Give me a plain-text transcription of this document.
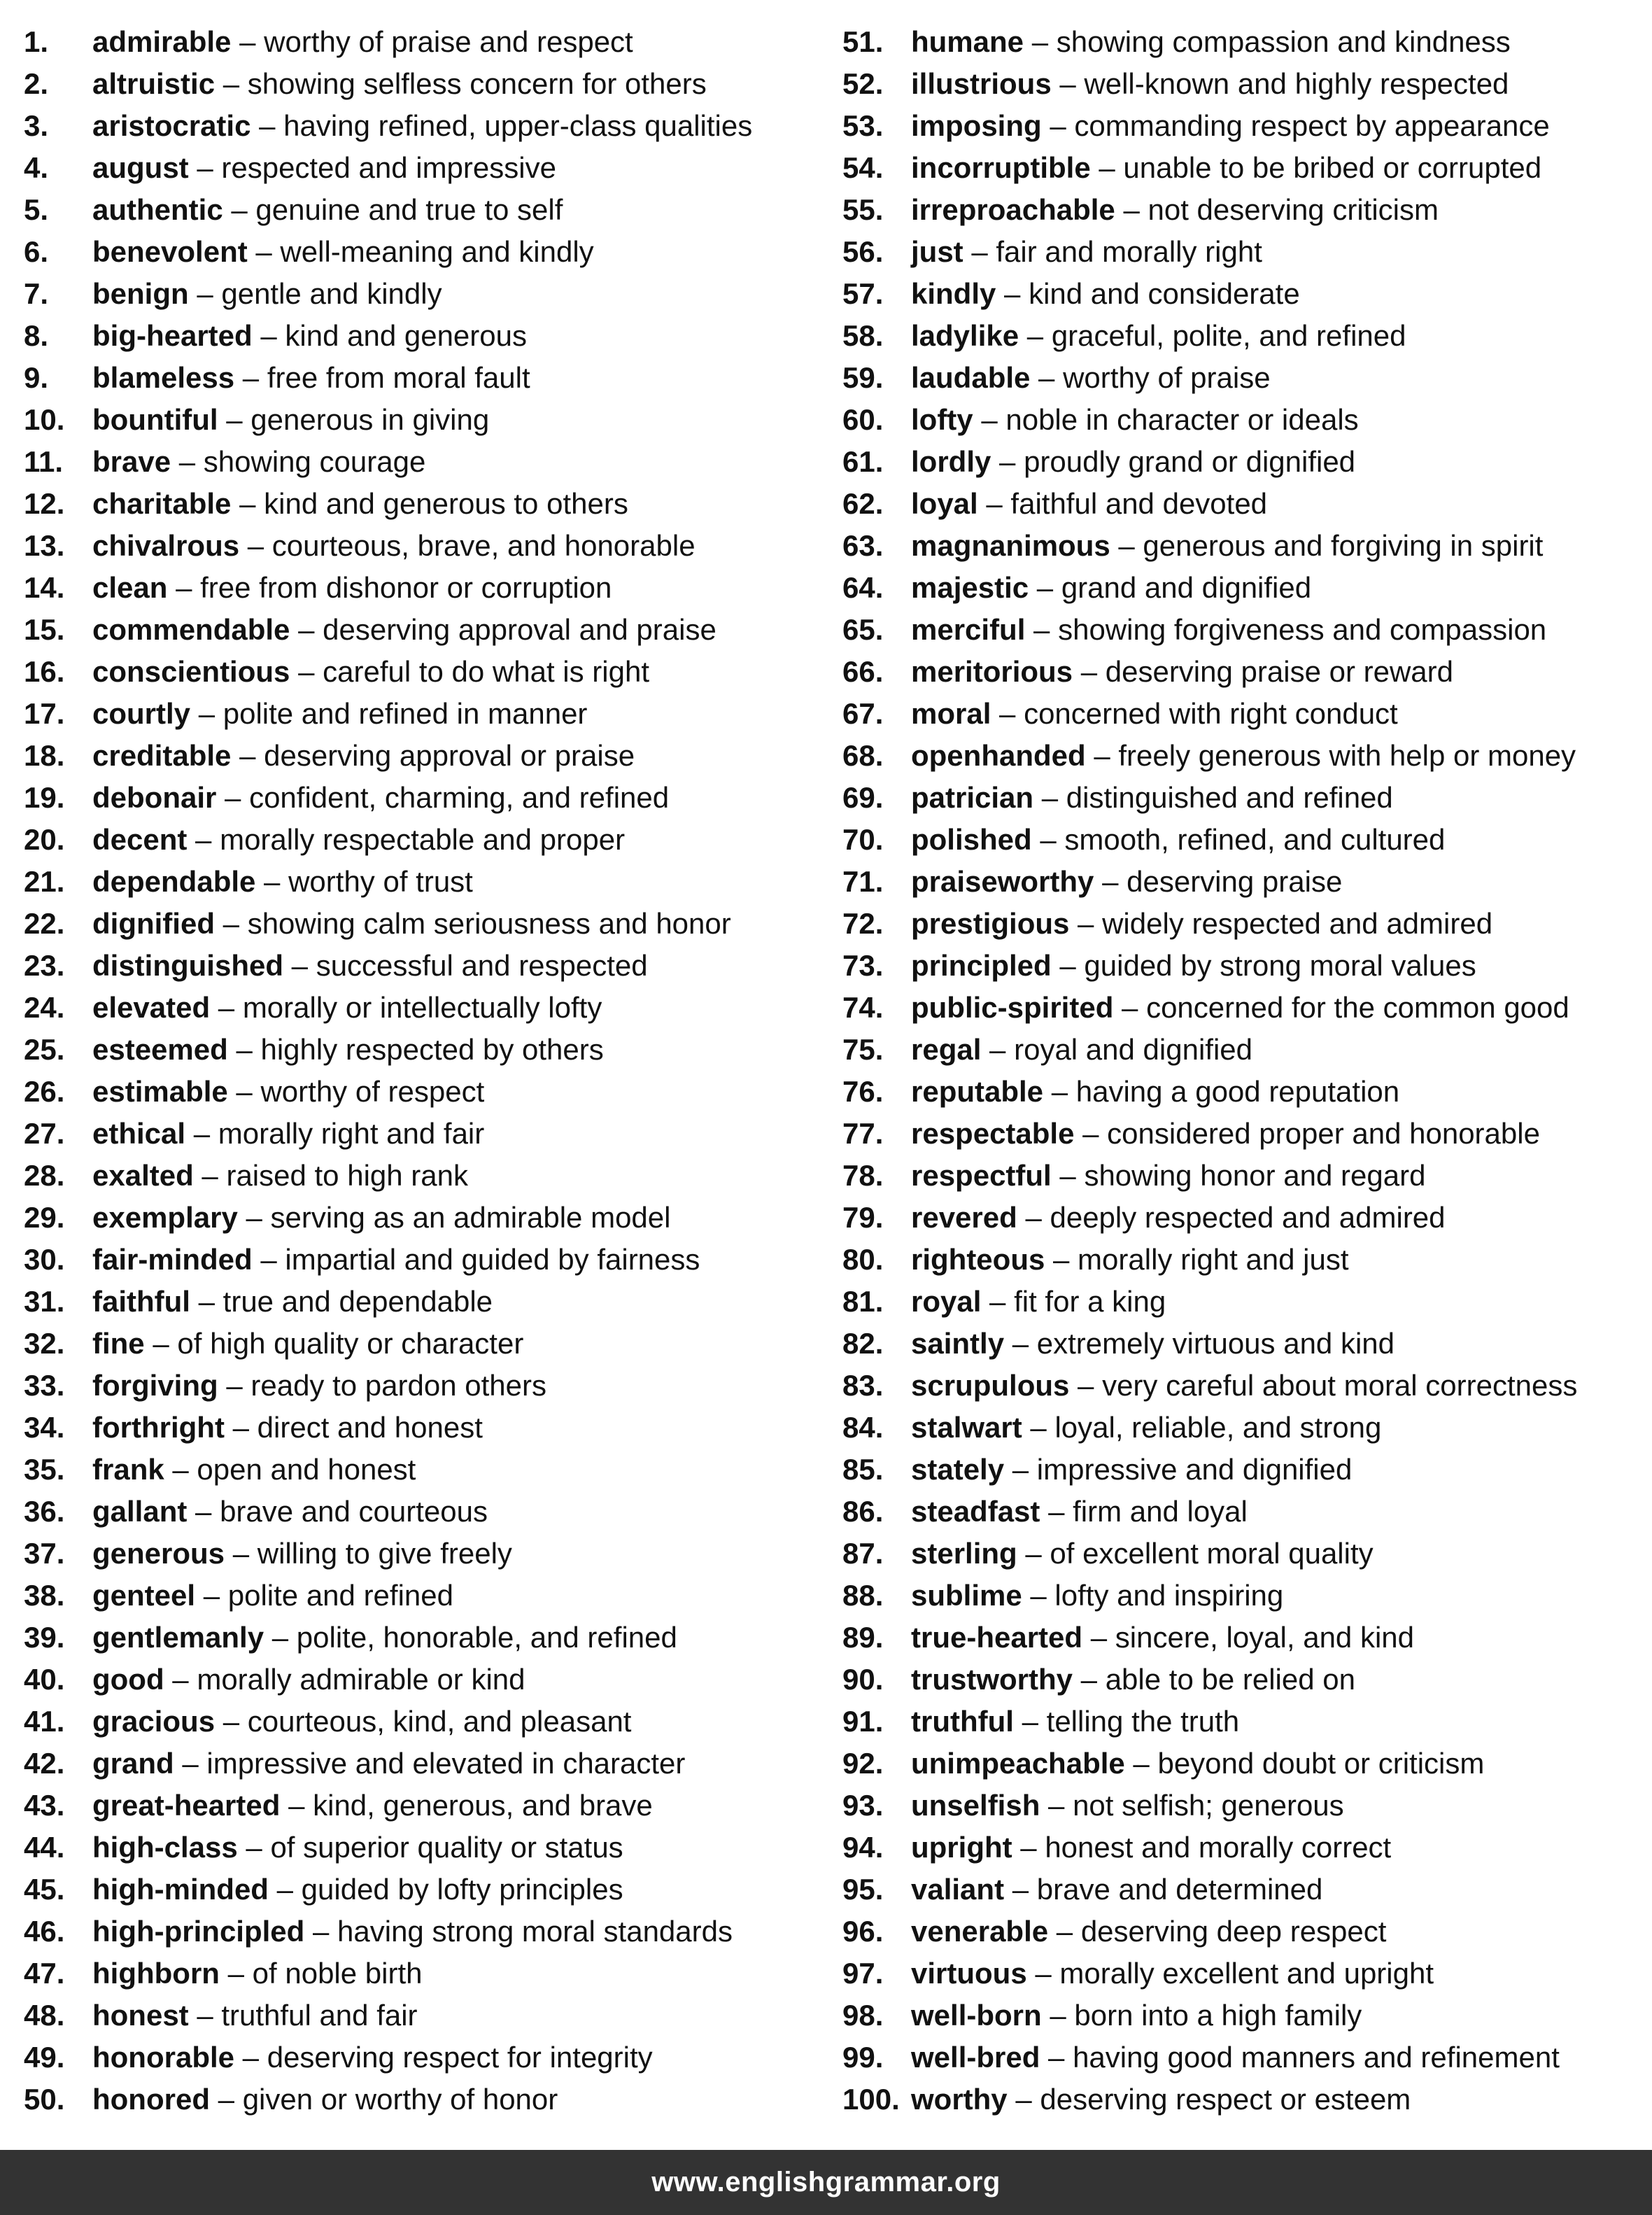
1.	admirable – worthy of praise and respect
2.	altruistic – showing selfless concern for others
3.	aristocratic – having refined, upper-class qualities
4.	august – respected and impressive
5.	authentic – genuine and true to self
6.	benevolent – well-meaning and kindly
7.	benign – gentle and kindly
8.	big-hearted – kind and generous
9.	blameless – free from moral fault
10. bountiful – generous in giving
11. brave – showing courage
12. charitable – kind and generous to others
13. chivalrous – courteous, brave, and honorable
14. clean – free from dishonor or corruption
15. commendable – deserving approval and praise
16. conscientious – careful to do what is right
17. courtly – polite and refined in manner
18. creditable – deserving approval or praise
19. debonair – confident, charming, and refined
20. decent – morally respectable and proper
21. dependable – worthy of trust
22. dignified – showing calm seriousness and honor
23. distinguished – successful and respected
24. elevated – morally or intellectually lofty
25. esteemed – highly respected by others
26. estimable – worthy of respect
27. ethical – morally right and fair
28. exalted – raised to high rank
29. exemplary – serving as an admirable model
30. fair-minded – impartial and guided by fairness
31. faithful – true and dependable
32. fine – of high quality or character
33. forgiving – ready to pardon others
34. forthright – direct and honest
35. frank – open and honest
36. gallant – brave and courteous
37. generous – willing to give freely
38. genteel – polite and refined
39. gentlemanly – polite, honorable, and refined
40. good – morally admirable or kind
41. gracious – courteous, kind, and pleasant
42. grand – impressive and elevated in character
43. great-hearted – kind, generous, and brave
44. high-class – of superior quality or status
45. high-minded – guided by lofty principles
46. high-principled – having strong moral standards
47. highborn – of noble birth
48. honest – truthful and fair
49. honorable – deserving respect for integrity
50. honored – given or worthy of honor
51. humane – showing compassion and kindness
52. illustrious – well-known and highly respected
53. imposing – commanding respect by appearance
54. incorruptible – unable to be bribed or corrupted
55. irreproachable – not deserving criticism
56. just – fair and morally right
57. kindly – kind and considerate
58. ladylike – graceful, polite, and refined
59. laudable – worthy of praise
60. lofty – noble in character or ideals
61. lordly – proudly grand or dignified
62. loyal – faithful and devoted
63. magnanimous – generous and forgiving in spirit
64. majestic – grand and dignified
65. merciful – showing forgiveness and compassion
66. meritorious – deserving praise or reward
67. moral – concerned with right conduct
68. openhanded – freely generous with help or money
69. patrician – distinguished and refined
70. polished – smooth, refined, and cultured
71. praiseworthy – deserving praise
72. prestigious – widely respected and admired
73. principled – guided by strong moral values
74. public-spirited – concerned for the common good
75. regal – royal and dignified
76. reputable – having a good reputation
77. respectable – considered proper and honorable
78. respectful – showing honor and regard
79. revered – deeply respected and admired
80. righteous – morally right and just
81. royal – fit for a king
82. saintly – extremely virtuous and kind
83. scrupulous – very careful about moral correctness
84. stalwart – loyal, reliable, and strong
85. stately – impressive and dignified
86. steadfast – firm and loyal
87. sterling – of excellent moral quality
88. sublime – lofty and inspiring
89. true-hearted – sincere, loyal, and kind
90. trustworthy – able to be relied on
91. truthful – telling the truth
92. unimpeachable – beyond doubt or criticism
93. unselfish – not selfish; generous
94. upright – honest and morally correct
95. valiant – brave and determined
96. venerable – deserving deep respect
97. virtuous – morally excellent and upright
98. well-born – born into a high family
99. well-bred – having good manners and refinement
100. worthy – deserving respect or esteem
www.englishgrammar.org
